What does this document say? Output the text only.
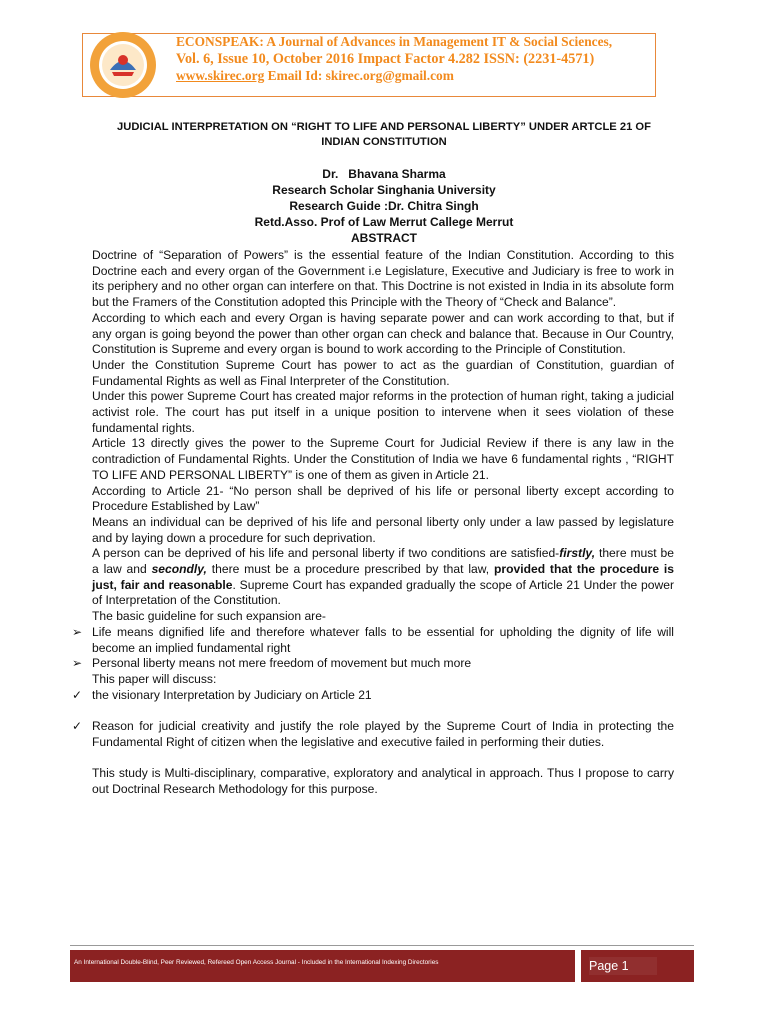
ECONSPEAK: A Journal of Advances in Management IT & Social Sciences,
Vol. 6, Issue 10, October 2016 Impact Factor 4.282 ISSN: (2231-4571)
www.skirec.org Email Id: skirec.org@gmail.com
JUDICIAL INTERPRETATION ON “RIGHT TO LIFE AND PERSONAL LIBERTY” UNDER ARTCLE 21 OF
INDIAN CONSTITUTION
Dr.   Bhavana Sharma
Research Scholar Singhania University
Research Guide :Dr. Chitra Singh
Retd.Asso. Prof of Law Merrut Callege Merrut
ABSTRACT

Doctrine of “Separation of Powers” is the essential feature of the Indian Constitution. According to this Doctrine each and every organ of the Government i.e Legislature, Executive and Judiciary is free to work in its periphery and no other organ can interfere on that. This Doctrine is not existed in India in its absolute form but the Framers of the Constitution adopted this Principle with the Theory of “Check and Balance”.

According to which each and every Organ is having separate power and can work according to that, but if any organ is going beyond the power than other organ can check and balance that. Because in Our Country, Constitution is Supreme and every organ is bound to work according to the Principle of Constitution.

Under the Constitution Supreme Court has power to act as the guardian of Constitution, guardian of Fundamental Rights as well as Final Interpreter of the Constitution.

Under this power Supreme Court has created major reforms in the protection of human right, taking a judicial activist role. The court has put itself in a unique position to intervene when it sees violation of these fundamental rights.

Article 13 directly gives the power to the Supreme Court for Judicial Review if there is any law in the contradiction of Fundamental Rights. Under the Constitution of India we have 6 fundamental rights , “RIGHT TO LIFE AND PERSONAL LIBERTY” is one of them as given in Article 21.

According to Article 21- “No person shall be deprived of his life or personal liberty except according to Procedure Established by Law”

Means an individual can be deprived of his life and personal liberty only under a law passed by legislature and by laying down a procedure for such deprivation.

A person can be deprived of his life and personal liberty if two conditions are satisfied-firstly, there must be a law and secondly, there must be a procedure prescribed by that law, provided that the procedure is just, fair and reasonable. Supreme Court has expanded gradually the scope of Article 21 Under the power of Interpretation of the Constitution.

The basic guideline for such expansion are-

➢ Life means dignified life and therefore whatever falls to be essential for upholding the dignity of life will become an implied fundamental right
➢ Personal liberty means not mere freedom of movement but much more

This paper will discuss:

✓ the visionary Interpretation by Judiciary on Article 21
✓ Reason for judicial creativity and justify the role played by the Supreme Court of India in protecting the Fundamental Right of citizen when the legislative and executive failed in performing their duties.

This study is Multi-disciplinary, comparative, exploratory and analytical in approach. Thus I propose to carry out Doctrinal Research Methodology for this purpose.

An International Double-Blind, Peer Reviewed, Refereed Open Access Journal - Included in the International Indexing Directories	Page 1
